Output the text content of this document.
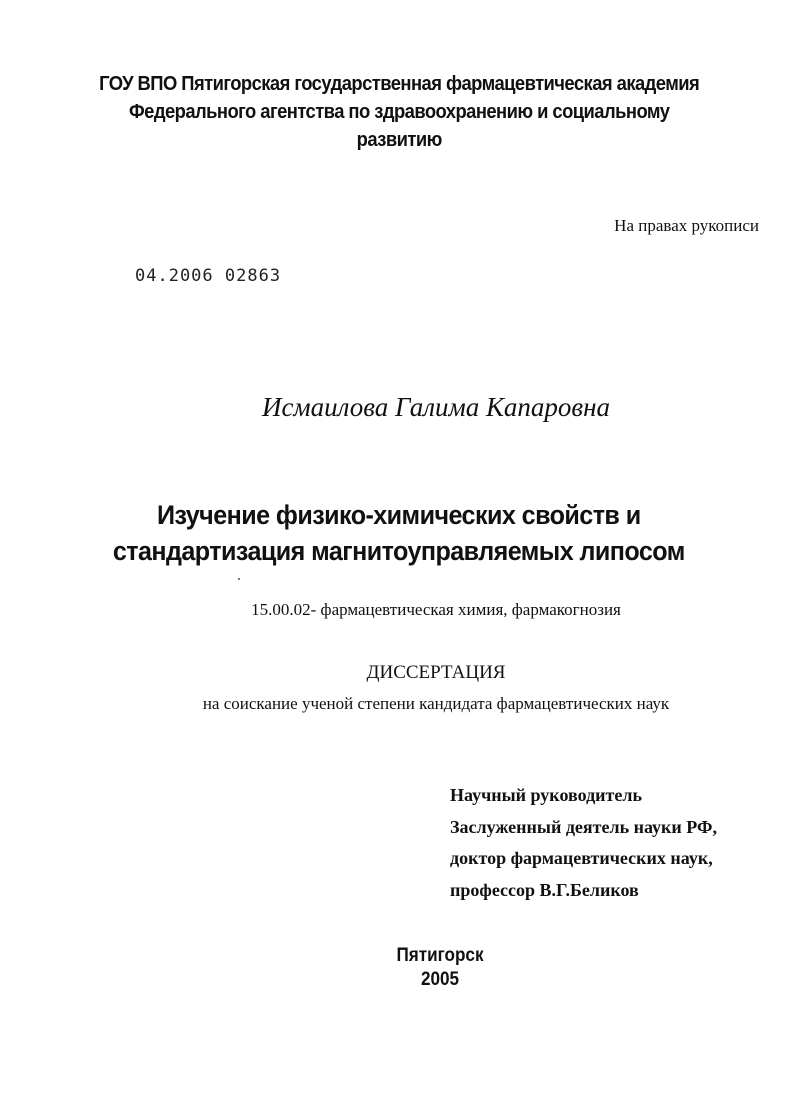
ГОУ ВПО Пятигорская государственная фармацевтическая академия
Федерального агентства по здравоохранению и социальному
развитию
На правах рукописи
04.2006 02863
Исмаилова Галима Капаровна
Изучение физико-химических свойств и
стандартизация магнитоуправляемых липосом
15.00.02- фармацевтическая химия, фармакогнозия
ДИССЕРТАЦИЯ
на соискание ученой степени кандидата фармацевтических наук
Научный руководитель
Заслуженный деятель науки РФ,
доктор фармацевтических наук,
профессор В.Г.Беликов
Пятигорск
2005
